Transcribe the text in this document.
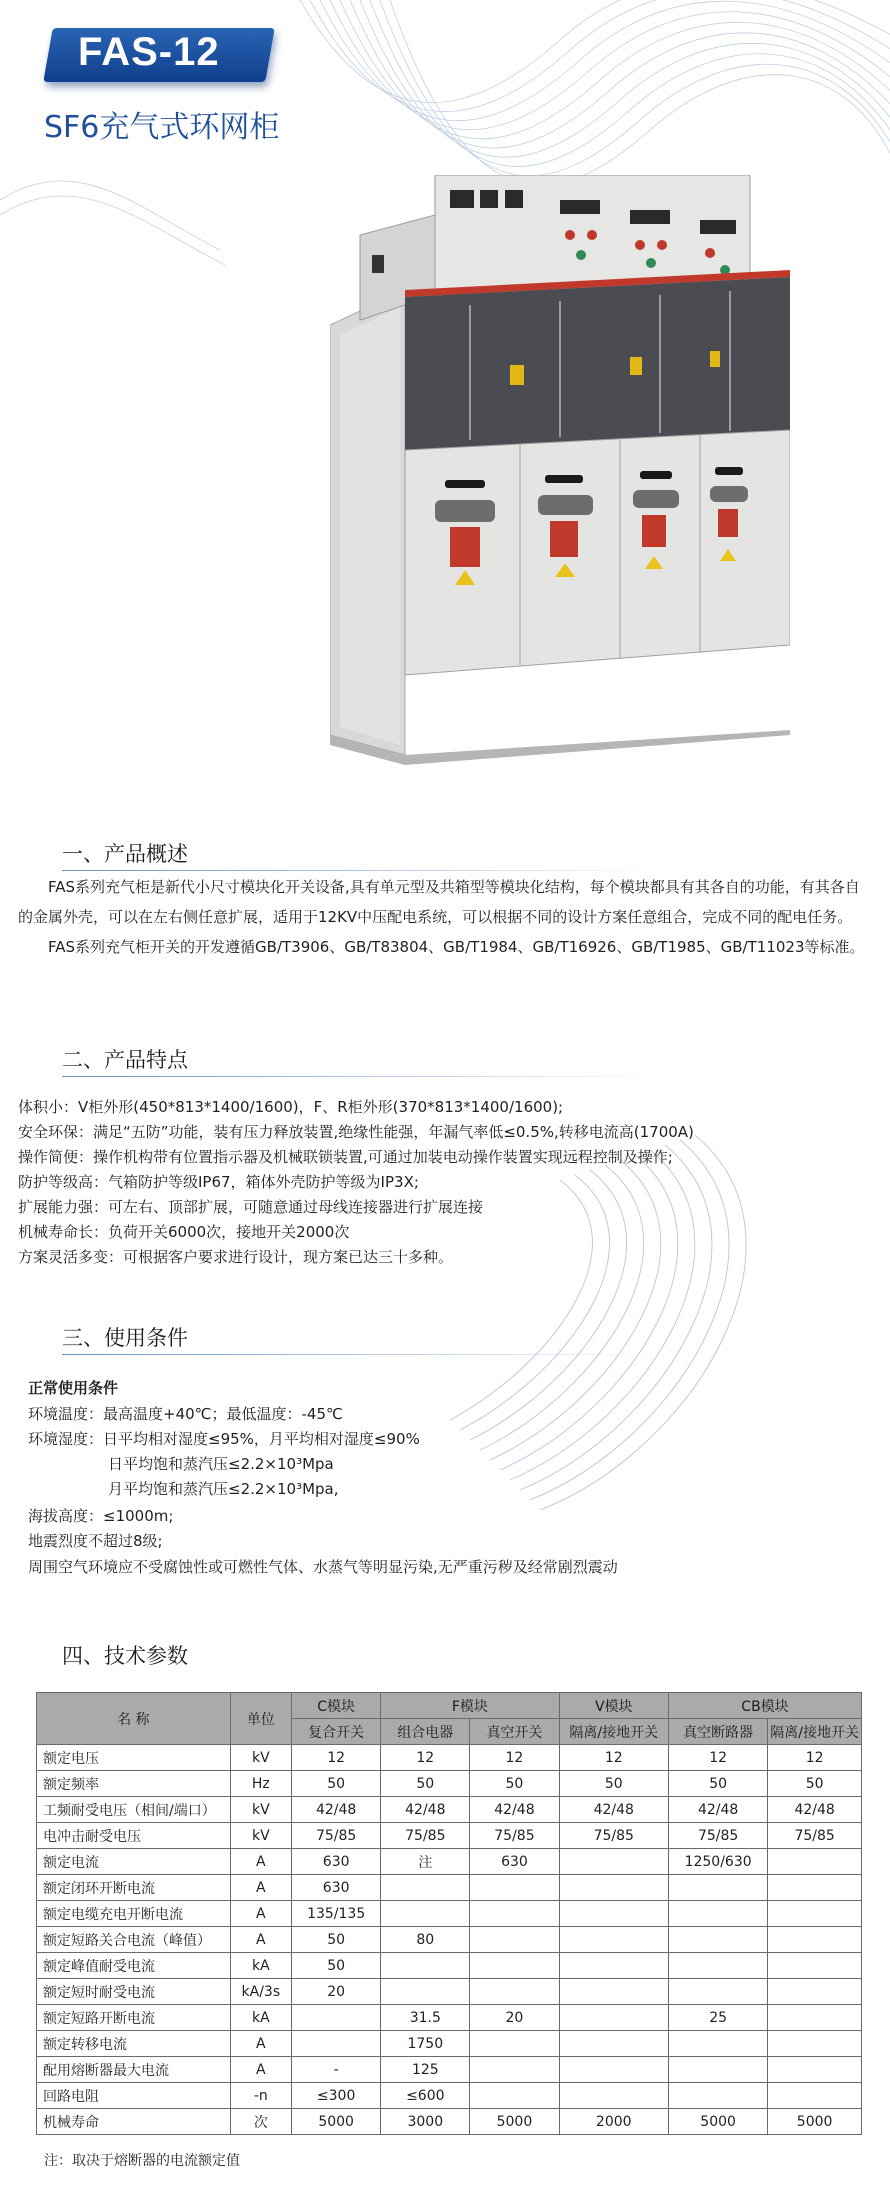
FAS-12
SF6充气式环网柜
一、产品概述
FAS系列充气柜是新代小尺寸模块化开关设备,具有单元型及共箱型等模块化结构，每个模块都具有其各自的功能，有其各自的金属外壳，可以在左右侧任意扩展，适用于12KV中压配电系统，可以根据不同的设计方案任意组合，完成不同的配电任务。
FAS系列充气柜开关的开发遵循GB/T3906、GB/T83804、GB/T1984、GB/T16926、GB/T1985、GB/T11023等标准。
二、产品特点
体积小：V柜外形(450*813*1400/1600)，F、R柜外形(370*813*1400/1600);
安全环保：满足“五防”功能，装有压力释放装置,绝缘性能强，年漏气率低≤0.5%,转移电流高(1700A)
操作简便：操作机构带有位置指示器及机械联锁装置,可通过加装电动操作装置实现远程控制及操作;
防护等级高：气箱防护等级IP67，箱体外壳防护等级为IP3X;
扩展能力强：可左右、顶部扩展，可随意通过母线连接器进行扩展连接
机械寿命长：负荷开关6000次，接地开关2000次
方案灵活多变：可根据客户要求进行设计，现方案已达三十多种。
三、使用条件
正常使用条件
环境温度：最高温度+40℃；最低温度：-45℃
环境湿度：日平均相对湿度≤95%，月平均相对湿度≤90%
日平均饱和蒸汽压≤2.2×10³Mpa
月平均饱和蒸汽压≤2.2×10³Mpa,
海拔高度：≤1000m;
地震烈度不超过8级;
周围空气环境应不受腐蚀性或可燃性气体、水蒸气等明显污染,无严重污秽及经常剧烈震动
四、技术参数
名 称	单位	C模块	F模块		V模块	CB模块	
		复合开关	组合电器	真空开关	隔离/接地开关	真空断路器	隔离/接地开关
额定电压	kV	12	12	12	12	12	12
额定频率	Hz	50	50	50	50	50	50
工频耐受电压（相间/端口）	kV	42/48	42/48	42/48	42/48	42/48	42/48
电冲击耐受电压	kV	75/85	75/85	75/85	75/85	75/85	75/85
额定电流	A	630	注	630		1250/630	
额定闭环开断电流	A	630					
额定电缆充电开断电流	A	135/135					
额定短路关合电流（峰值）	A	50	80				
额定峰值耐受电流	kA	50					
额定短时耐受电流	kA/3s	20					
额定短路开断电流	kA		31.5	20		25	
额定转移电流	A		1750				
配用熔断器最大电流	A	-	125				
回路电阻	-n	≤300	≤600				
机械寿命	次	5000	3000	5000	2000	5000	5000
注：取决于熔断器的电流额定值
